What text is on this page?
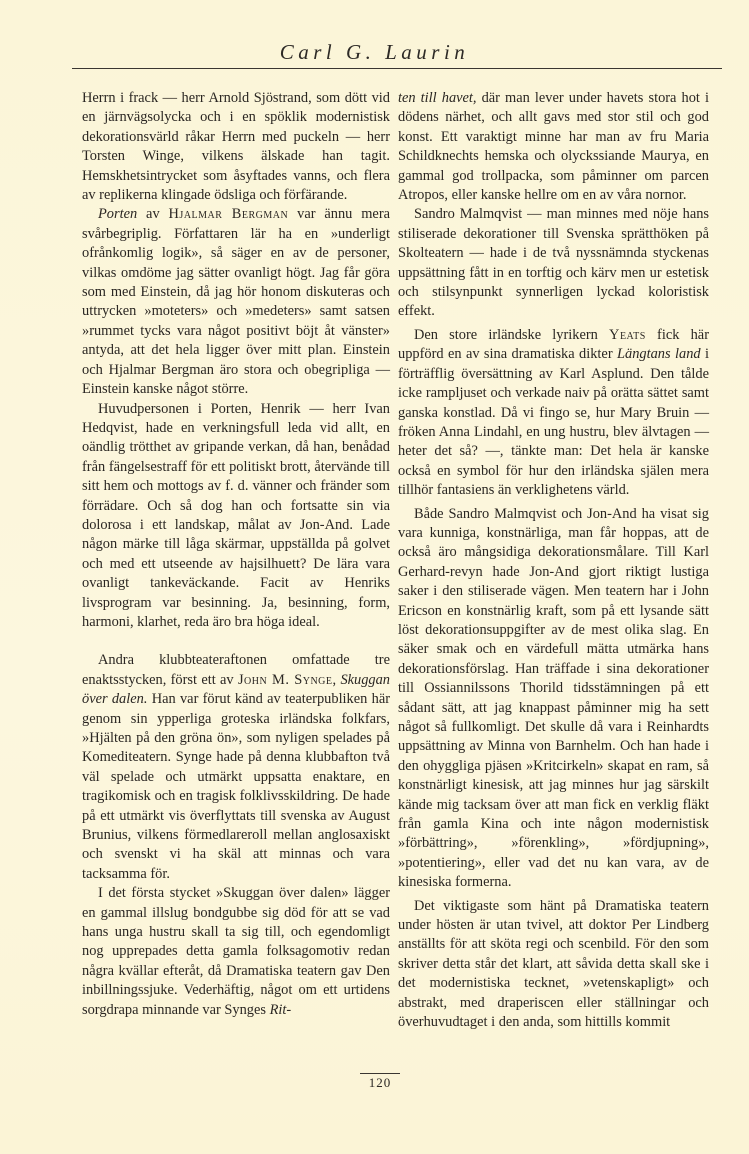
Carl G. Laurin

Herrn i frack — herr Arnold Sjöstrand, som dött vid en järnvägsolycka och i en spöklik modernistisk dekorationsvärld råkar Herrn med puckeln — herr Torsten Winge, vilkens älskade han tagit. Hemskhetsintrycket som åsyftades vanns, och flera av replikerna klingade ödsliga och förfärande.

Porten av Hjalmar Bergman var ännu mera svårbegriplig. Författaren lär ha en »underligt ofrånkomlig logik», så säger en av de personer, vilkas omdöme jag sätter ovanligt högt. Jag får göra som med Einstein, då jag hör honom diskuteras och uttrycken »moteters» och »medeters» samt satsen »rummet tycks vara något positivt böjt åt vänster» antyda, att det hela ligger över mitt plan. Einstein och Hjalmar Bergman äro stora och obegripliga — Einstein kanske något större.

Huvudpersonen i Porten, Henrik — herr Ivan Hedqvist, hade en verkningsfull leda vid allt, en oändlig trötthet av gripande verkan, då han, benådad från fängelsestraff för ett politiskt brott, återvände till sitt hem och mottogs av f. d. vänner och fränder som förrädare. Och så dog han och fortsatte sin via dolorosa i ett landskap, målat av Jon-And. Lade någon märke till låga skärmar, uppställda på golvet och med ett utseende av hajsilhuett? De lära vara ovanligt tankeväckande. Facit av Henriks livsprogram var besinning. Ja, besinning, form, harmoni, klarhet, reda äro bra höga ideal.

Andra klubbteateraftonen omfattade tre enaktsstycken, först ett av John M. Synge, Skuggan över dalen. Han var förut känd av teaterpubliken här genom sin ypperliga groteska irländska folkfars, »Hjälten på den gröna ön», som nyligen spelades på Komediteatern. Synge hade på denna klubbafton två väl spelade och utmärkt uppsatta enaktare, en tragikomisk och en tragisk folklivsskildring. De hade på ett utmärkt vis överflyttats till svenska av August Brunius, vilkens förmedlareroll mellan anglosaxiskt och svenskt vi ha skäl att minnas och vara tacksamma för.

I det första stycket »Skuggan över dalen» lägger en gammal illslug bondgubbe sig död för att se vad hans unga hustru skall ta sig till, och egendomligt nog upprepades detta gamla folksagomotiv redan några kvällar efteråt, då Dramatiska teatern gav Den inbillningssjuke. Vederhäftig, något om ett urtidens sorgdrapa minnande var Synges Rit-

ten till havet, där man lever under havets stora hot i dödens närhet, och allt gavs med stor stil och god konst. Ett varaktigt minne har man av fru Maria Schildknechts hemska och olyckssiande Maurya, en gammal god trollpacka, som påminner om parcen Atropos, eller kanske hellre om en av våra nornor.

Sandro Malmqvist — man minnes med nöje hans stiliserade dekorationer till Svenska sprätthöken på Skolteatern — hade i de två nyssnämnda styckenas uppsättning fått in en torftig och kärv men ur estetisk och stilsynpunkt synnerligen lyckad koloristisk effekt.

Den store irländske lyrikern Yeats fick här uppförd en av sina dramatiska dikter Längtans land i förträfflig översättning av Karl Asplund. Den tålde icke rampljuset och verkade naiv på orätta sättet samt ganska konstlad. Då vi fingo se, hur Mary Bruin — fröken Anna Lindahl, en ung hustru, blev älvtagen — heter det så? —, tänkte man: Det hela är kanske också en symbol för hur den irländska själen mera tillhör fantasiens än verklighetens värld.

Både Sandro Malmqvist och Jon-And ha visat sig vara kunniga, konstnärliga, man får hoppas, att de också äro mångsidiga dekorationsmålare. Till Karl Gerhard-revyn hade Jon-And gjort riktigt lustiga saker i den stiliserade vägen. Men teatern har i John Ericson en konstnärlig kraft, som på ett lysande sätt löst dekorationsuppgifter av de mest olika slag. En säker smak och en värdefull mätta utmärka hans dekorationsförslag. Han träffade i sina dekorationer till Ossiannilssons Thorild tidsstämningen på ett sådant sätt, att jag knappast påminner mig ha sett något så fullkomligt. Det skulle då vara i Reinhardts uppsättning av Minna von Barnhelm. Och han hade i den ohyggliga pjäsen »Kritcirkeln» skapat en ram, så konstnärligt kinesisk, att jag minnes hur jag särskilt kände mig tacksam över att man fick en verklig fläkt från gamla Kina och inte någon modernistisk »förbättring», »förenkling», »fördjupning», »potentiering», eller vad det nu kan vara, av de kinesiska formerna.

Det viktigaste som hänt på Dramatiska teatern under hösten är utan tvivel, att doktor Per Lindberg anställts för att sköta regi och scenbild. För den som skriver detta står det klart, att såvida detta skall ske i det modernistiska tecknet, »vetenskapligt» och abstrakt, med draperiscen eller ställningar och överhuvudtaget i den anda, som hittills kommit

120
